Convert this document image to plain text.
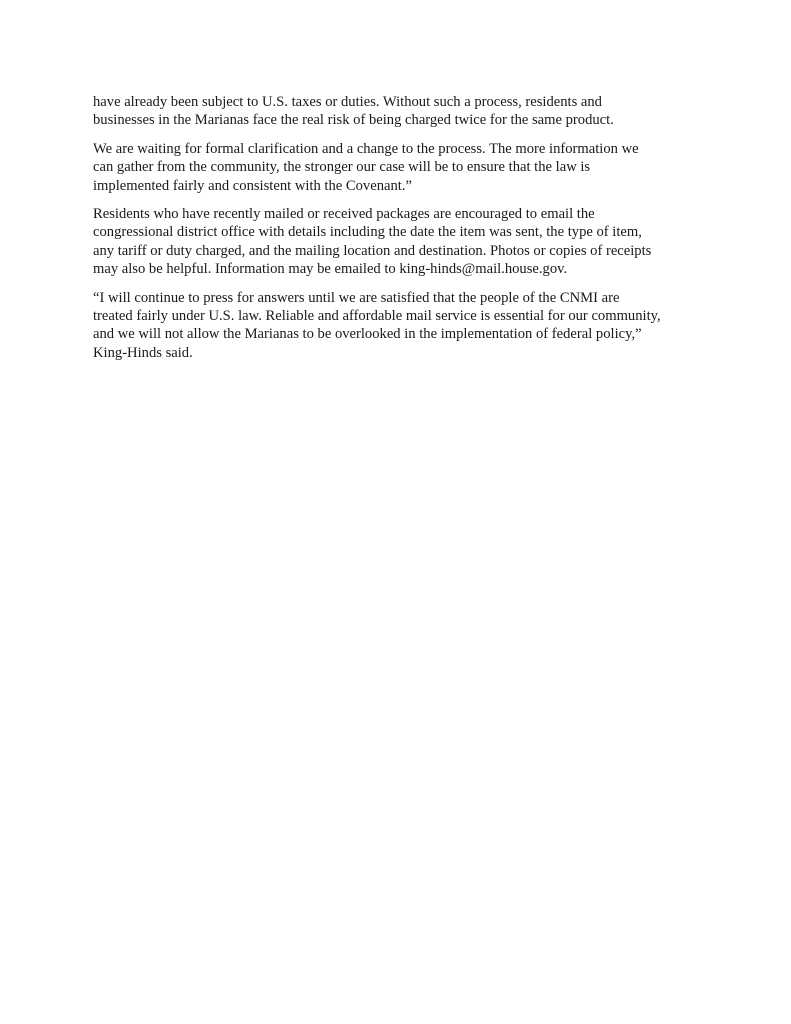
have already been subject to U.S. taxes or duties. Without such a process, residents and
businesses in the Marianas face the real risk of being charged twice for the same product.

We are waiting for formal clarification and a change to the process. The more information we
can gather from the community, the stronger our case will be to ensure that the law is
implemented fairly and consistent with the Covenant.”

Residents who have recently mailed or received packages are encouraged to email the
congressional district office with details including the date the item was sent, the type of item,
any tariff or duty charged, and the mailing location and destination. Photos or copies of receipts
may also be helpful. Information may be emailed to king-hinds@mail.house.gov.

“I will continue to press for answers until we are satisfied that the people of the CNMI are
treated fairly under U.S. law. Reliable and affordable mail service is essential for our community,
and we will not allow the Marianas to be overlooked in the implementation of federal policy,”
King-Hinds said.
